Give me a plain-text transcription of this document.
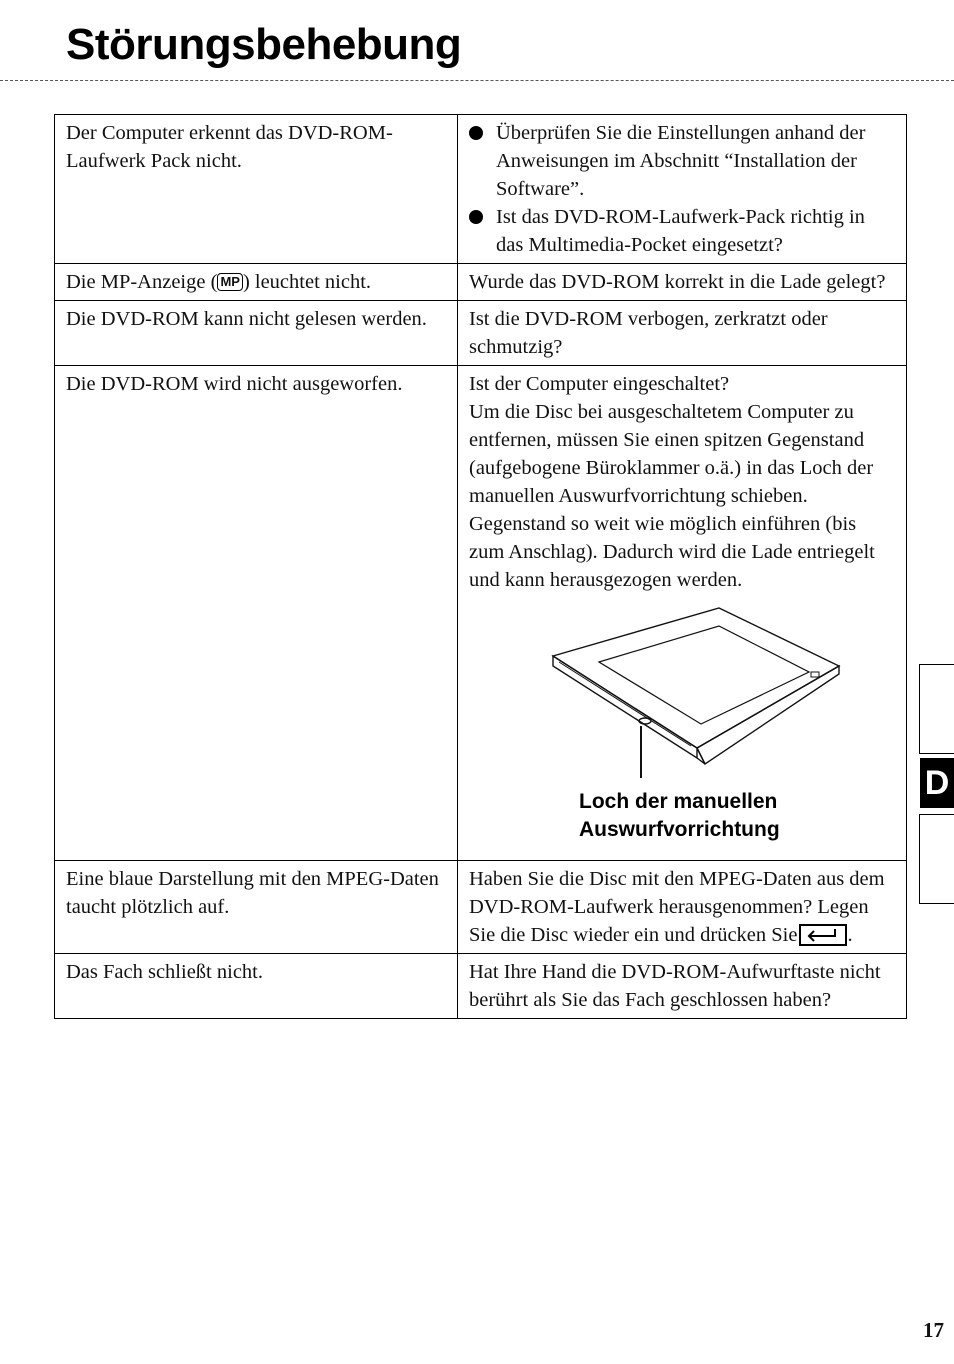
Störungsbehebung

Der Computer erkennt das DVD-ROM-Laufwerk Pack nicht.	Überprüfen Sie die Einstellungen anhand der Anweisungen im Abschnitt “Installation der Software”.
Ist das DVD-ROM-Laufwerk-Pack richtig in das Multimedia-Pocket eingesetzt?

Die MP-Anzeige ( MP ) leuchtet nicht.	Wurde das DVD-ROM korrekt in die Lade gelegt?

Die DVD-ROM kann nicht gelesen werden.	Ist die DVD-ROM verbogen, zerkratzt oder schmutzig?

Die DVD-ROM wird nicht ausgeworfen.	Ist der Computer eingeschaltet?

Um die Disc bei ausgeschaltetem Computer zu entfernen, müssen Sie einen spitzen Gegenstand (aufgebogene Büroklammer o.ä.) in das Loch der manuellen Auswurfvorrichtung schieben.

Gegenstand so weit wie möglich einführen (bis zum Anschlag). Dadurch wird die Lade entriegelt und kann herausgezogen werden.

Loch der manuellen
Auswurfvorrichtung

Eine blaue Darstellung mit den MPEG-Daten taucht plötzlich auf.	Haben Sie die Disc mit den MPEG-Daten aus dem DVD-ROM-Laufwerk herausgenommen? Legen Sie die Disc wieder ein und drücken Sie .

Das Fach schließt nicht.	Hat Ihre Hand die DVD-ROM-Aufwurftaste nicht berührt als Sie das Fach geschlossen haben?

D
17
